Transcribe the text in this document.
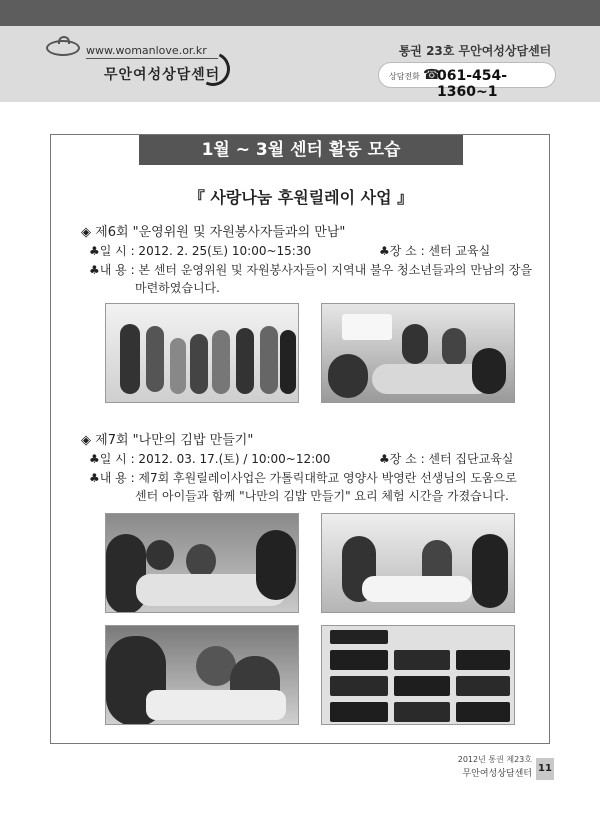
www.womanlove.or.kr
무안여성상담센터
통권 23호 무안여성상담센터
상담전화 ☎
061-454-1360~1
1월 ~ 3월 센터 활동 모습
『 사랑나눔 후원릴레이 사업 』
◈ 제6회 "운영위원 및 자원봉사자들과의 만남"
♣일 시 : 2012. 2. 25(토) 10:00~15:30	♣장 소 : 센터 교육실
♣내 용 : 본 센터 운영위원 및 자원봉사자들이 지역내 불우 청소년들과의 만남의 장을
마련하였습니다.
◈ 제7회 "나만의 김밥 만들기"
♣일 시 : 2012. 03. 17.(토) / 10:00~12:00	♣장 소 : 센터 집단교육실
♣내 용 : 제7회 후원릴레이사업은 가톨릭대학교 영양사 박영란 선생님의 도움으로
센터 아이들과 함께 "나만의 김밥 만들기" 요리 체험 시간을 가졌습니다.
2012년 통권 제23호
무안여성상담센터 11
